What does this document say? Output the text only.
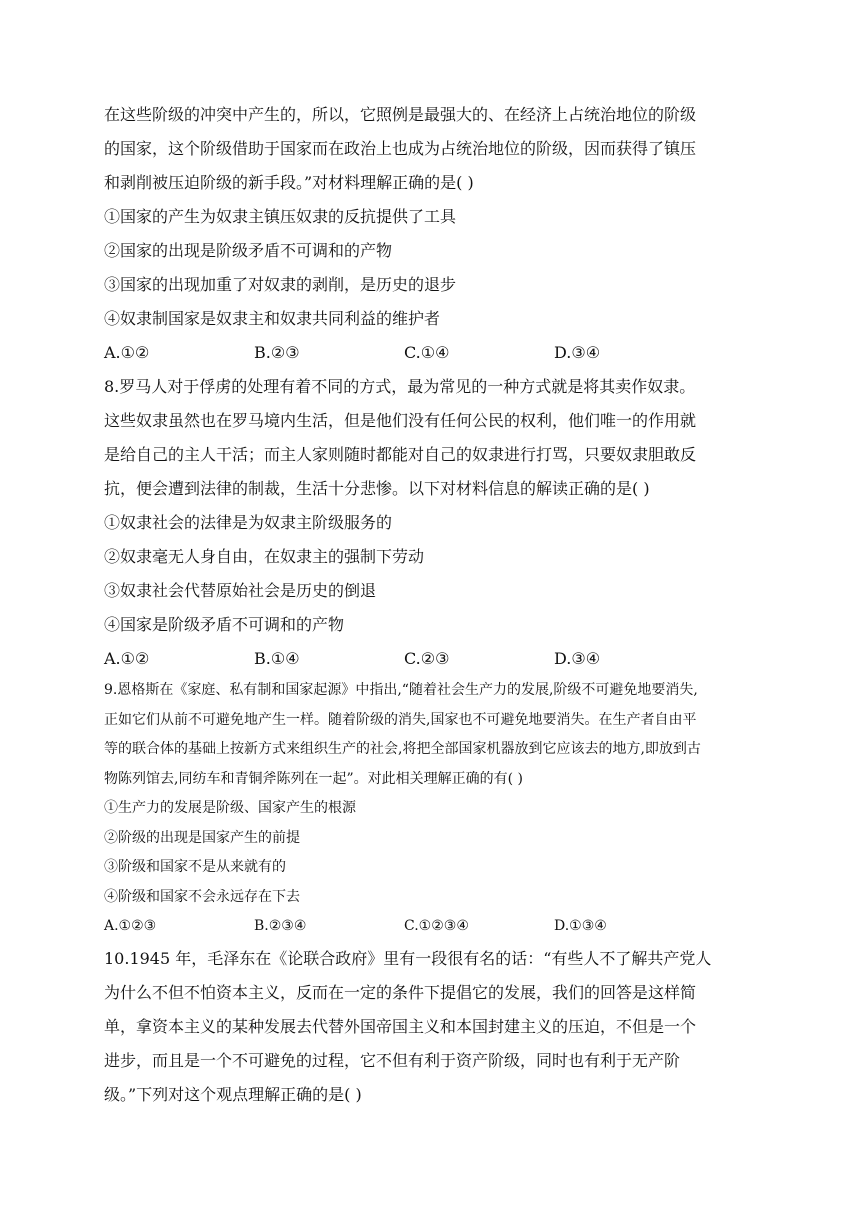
在这些阶级的冲突中产生的，所以，它照例是最强大的、在经济上占统治地位的阶级
的国家，这个阶级借助于国家而在政治上也成为占统治地位的阶级，因而获得了镇压
和剥削被压迫阶级的新手段。”对材料理解正确的是( )
①国家的产生为奴隶主镇压奴隶的反抗提供了工具
②国家的出现是阶级矛盾不可调和的产物
③国家的出现加重了对奴隶的剥削，是历史的退步
④奴隶制国家是奴隶主和奴隶共同利益的维护者
A.①②	B.②③	C.①④	D.③④
8.罗马人对于俘虏的处理有着不同的方式，最为常见的一种方式就是将其卖作奴隶。
这些奴隶虽然也在罗马境内生活，但是他们没有任何公民的权利，他们唯一的作用就
是给自己的主人干活；而主人家则随时都能对自己的奴隶进行打骂，只要奴隶胆敢反
抗，便会遭到法律的制裁，生活十分悲惨。以下对材料信息的解读正确的是( )
①奴隶社会的法律是为奴隶主阶级服务的
②奴隶毫无人身自由，在奴隶主的强制下劳动
③奴隶社会代替原始社会是历史的倒退
④国家是阶级矛盾不可调和的产物
A.①②	B.①④	C.②③	D.③④
9.恩格斯在《家庭、私有制和国家起源》中指出,“随着社会生产力的发展,阶级不可避免地要消失,
正如它们从前不可避免地产生一样。随着阶级的消失,国家也不可避免地要消失。在生产者自由平
等的联合体的基础上按新方式来组织生产的社会,将把全部国家机器放到它应该去的地方,即放到古
物陈列馆去,同纺车和青铜斧陈列在一起”。对此相关理解正确的有( )
①生产力的发展是阶级、国家产生的根源
②阶级的出现是国家产生的前提
③阶级和国家不是从来就有的
④阶级和国家不会永远存在下去
A.①②③	B.②③④	C.①②③④	D.①③④
10.1945 年，毛泽东在《论联合政府》里有一段很有名的话：“有些人不了解共产党人
为什么不但不怕资本主义，反而在一定的条件下提倡它的发展，我们的回答是这样简
单，拿资本主义的某种发展去代替外国帝国主义和本国封建主义的压迫，不但是一个
进步，而且是一个不可避免的过程，它不但有利于资产阶级，同时也有利于无产阶
级。”下列对这个观点理解正确的是( )
